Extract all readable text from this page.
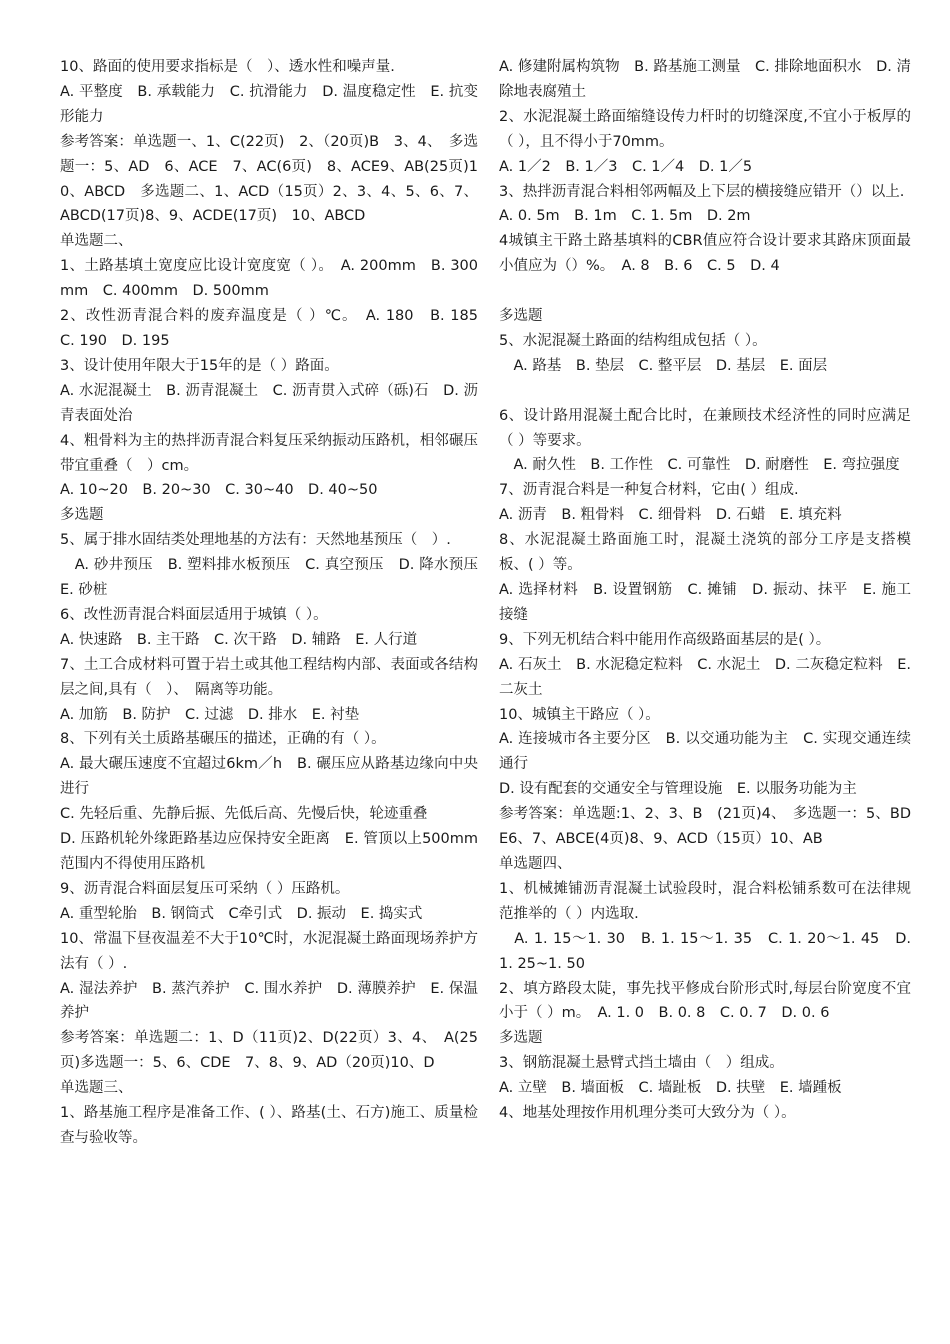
10、路面的使用要求指标是（　）、透水性和噪声量.

A. 平整度　B. 承载能力　C. 抗滑能力　D. 温度稳定性　E. 抗变形能力

参考答案：单选题一、1、C(22页)　2、（20页)B　3、4、　多选题一：5、AD　6、ACE　7、AC(6页)　8、ACE9、AB(25页)10、ABCD　多选题二、1、ACD（15页）2、3、4、5、6、7、ABCD(17页)8、9、ACDE(17页)　10、ABCD

单选题二、

1、土路基填土宽度应比设计宽度宽（ ）。　A. 200mm　B. 300mm　C. 400mm　D. 500mm

2、改性沥青混合料的废弃温度是（ ）℃。　A. 180　B. 185　C. 190　D. 195

3、设计使用年限大于15年的是（ ）路面。

A. 水泥混凝土　B. 沥青混凝土　C. 沥青贯入式碎（砾)石　D. 沥青表面处治

4、粗骨料为主的热拌沥青混合料复压采纳振动压路机，相邻碾压带宜重叠（　）cm。

A. 10~20　B. 20~30　C. 30~40　D. 40~50

多选题

5、属于排水固结类处理地基的方法有：天然地基预压（　）.

　A. 砂井预压　B. 塑料排水板预压　C. 真空预压　D. 降水预压　E. 砂桩

6、改性沥青混合料面层适用于城镇（ ）。

A. 快速路　B. 主干路　C. 次干路　D. 辅路　E. 人行道

7、土工合成材料可置于岩土或其他工程结构内部、表面或各结构层之间,具有（　）、　隔离等功能。

A. 加筋　B. 防护　C. 过滤　D. 排水　E. 衬垫

8、下列有关土质路基碾压的描述，正确的有（ ）。

A. 最大碾压速度不宜超过6km／h　B. 碾压应从路基边缘向中央进行

C. 先轻后重、先静后振、先低后高、先慢后快，轮迹重叠

D. 压路机轮外缘距路基边应保持安全距离　E. 管顶以上500mm范围内不得使用压路机

9、沥青混合料面层复压可采纳（ ）压路机。

A. 重型轮胎　B. 钢筒式　C牵引式　D. 振动　E. 捣实式

10、常温下昼夜温差不大于10℃时，水泥混凝土路面现场养护方法有（ ）.

A. 湿法养护　B. 蒸汽养护　C. 围水养护　D. 薄膜养护　E. 保温养护

参考答案：单选题二：1、D（11页)2、D(22页）3、4、　A(25页)多选题一：5、6、CDE　7、8、9、AD（20页)10、D

单选题三、

1、路基施工程序是准备工作、( ）、路基(土、石方)施工、质量检查与验收等。

A. 修建附属构筑物　B. 路基施工测量　C. 排除地面积水　D. 清除地表腐殖土

2、水泥混凝土路面缩缝设传力杆时的切缝深度,不宜小于板厚的（ ），且不得小于70mm。

A. 1／2　B. 1／3　C. 1／4　D. 1／5

3、热拌沥青混合料相邻两幅及上下层的横接缝应错开（）以上.

A. 0. 5m　B. 1m　C. 1. 5m　D. 2m

4城镇主干路土路基填料的CBR值应符合设计要求其路床顶面最小值应为（）%。　A. 8　B. 6　C. 5　D. 4

多选题

5、水泥混凝土路面的结构组成包括（ ）。

　A. 路基　B. 垫层　C. 整平层　D. 基层　E. 面层

6、设计路用混凝土配合比时，在兼顾技术经济性的同时应满足（ ）等要求。

　A. 耐久性　B. 工作性　C. 可靠性　D. 耐磨性　E. 弯拉强度

7、沥青混合料是一种复合材料，它由( ）组成.

A. 沥青　B. 粗骨料　C. 细骨料　D. 石蜡　E. 填充料

8、水泥混凝土路面施工时，混凝土浇筑的部分工序是支搭模板、( ）等。

A. 选择材料　B. 设置钢筋　C. 摊铺　D. 振动、抹平　E. 施工接缝

9、下列无机结合料中能用作高级路面基层的是( ）。

A. 石灰土　B. 水泥稳定粒料　C. 水泥土　D. 二灰稳定粒料　E. 二灰土

10、城镇主干路应（ ）。

A. 连接城市各主要分区　B. 以交通功能为主　C. 实现交通连续通行

D. 设有配套的交通安全与管理设施　E. 以服务功能为主

参考答案：单选题:1、2、3、B　(21页)4、　多选题一：5、BDE6、7、ABCE(4页)8、9、ACD（15页）10、AB

单选题四、

1、机械摊铺沥青混凝土试验段时，混合料松铺系数可在法律规范推举的（ ）内选取.

　A. 1. 15～1. 30　B. 1. 15～1. 35　C. 1. 20～1. 45　D. 1. 25~1. 50

2、填方路段太陡，事先找平修成台阶形式时,每层台阶宽度不宜小于（ ）m。　A. 1. 0　B. 0. 8　C. 0. 7　D. 0. 6

多选题

3、钢筋混凝土悬臂式挡土墙由（　）组成。

A. 立壁　B. 墙面板　C. 墙趾板　D. 扶壁　E. 墙踵板

4、地基处理按作用机理分类可大致分为（ ）。
